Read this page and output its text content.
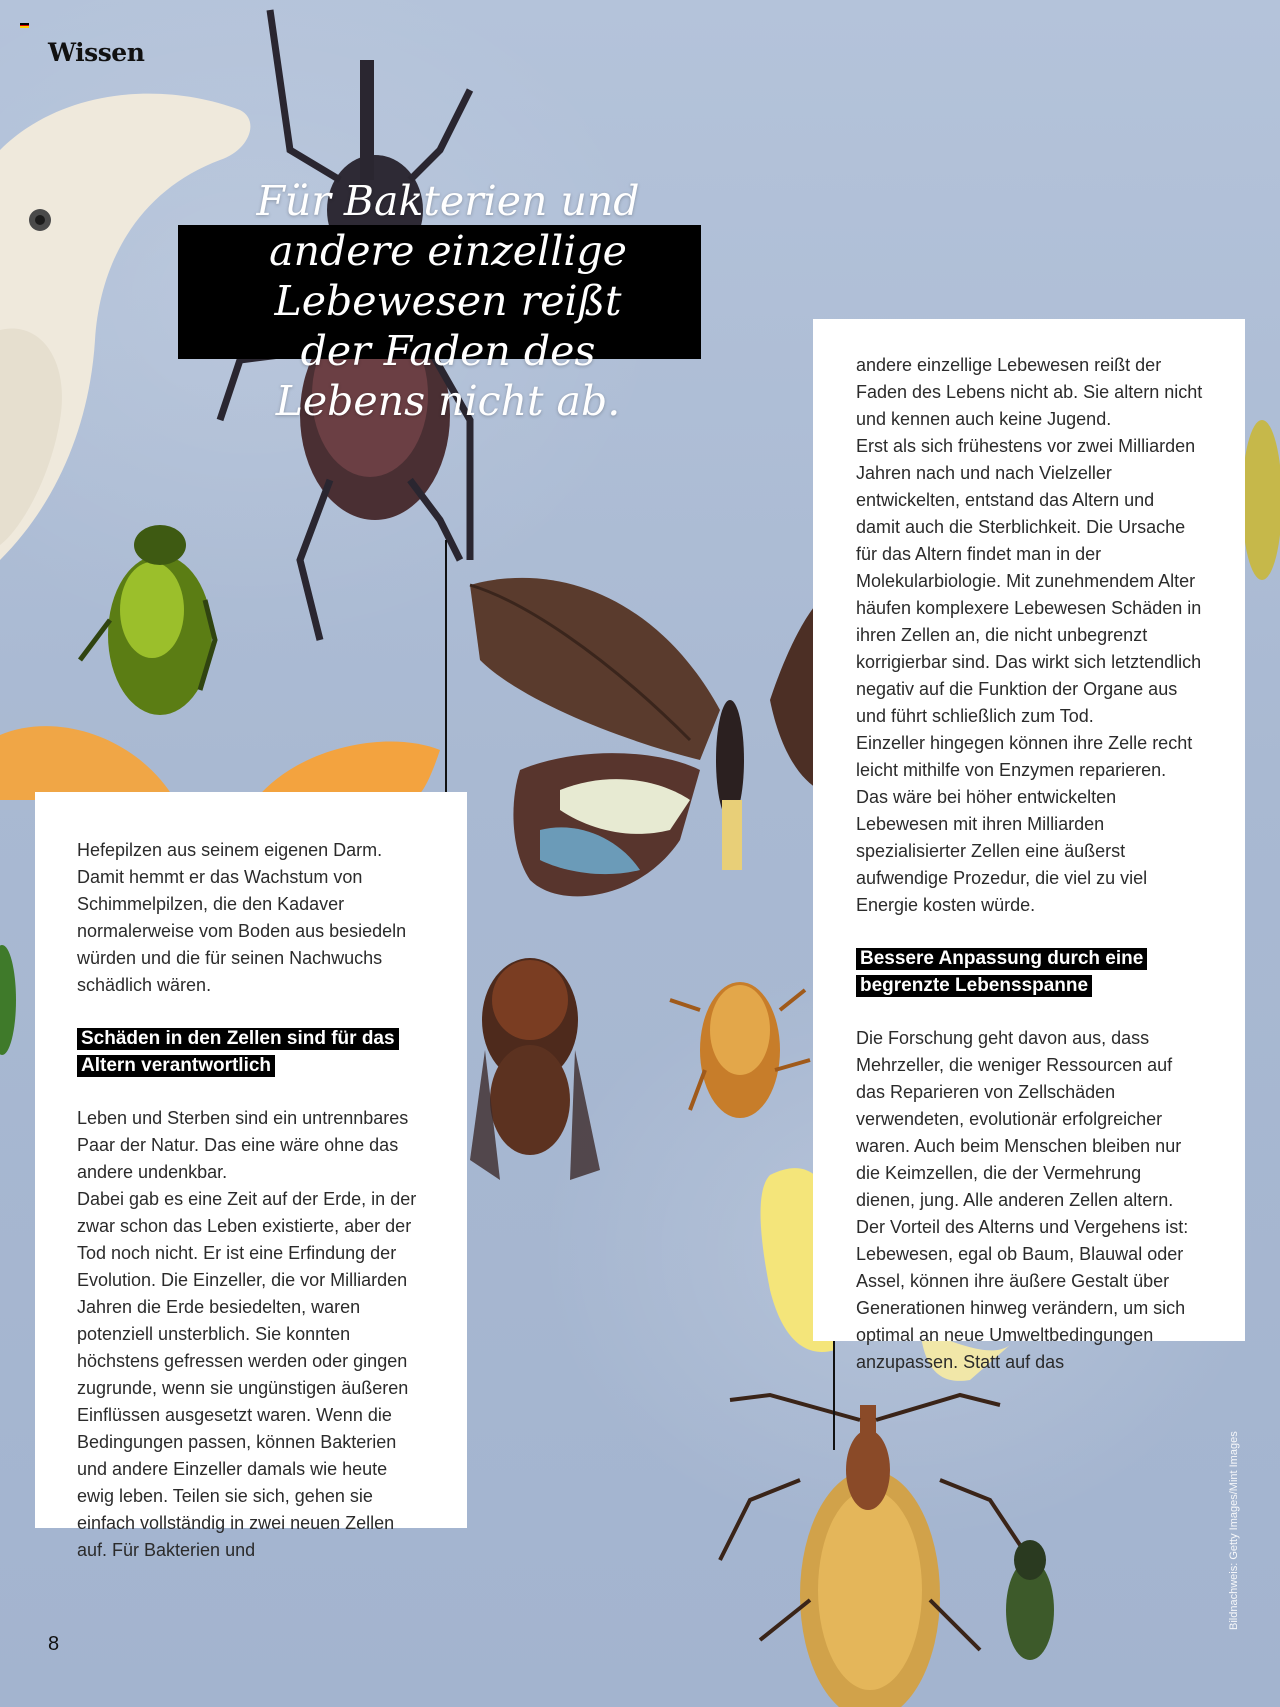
Wissen
Für Bakterien und
andere einzellige
Lebewesen reißt
der Faden des
Lebens nicht ab.

Hefepilzen aus seinem eigenen Darm. Damit hemmt er das Wachstum von Schimmelpilzen, die den Kadaver normalerweise vom Boden aus besiedeln würden und die für seinen Nachwuchs schädlich wären.

Schäden in den Zellen sind für das
Altern verantwortlich

Leben und Sterben sind ein untrennbares Paar der Natur. Das eine wäre ohne das andere undenkbar.

Dabei gab es eine Zeit auf der Erde, in der zwar schon das Leben existierte, aber der Tod noch nicht. Er ist eine Erfindung der Evolution. Die Einzeller, die vor Milliarden Jahren die Erde besiedelten, waren potenziell unsterblich. Sie konnten höchstens gefressen werden oder gingen zugrunde, wenn sie ungünstigen äußeren Einflüssen ausgesetzt waren. Wenn die Bedingungen passen, können Bakterien und andere Einzeller damals wie heute ewig leben. Teilen sie sich, gehen sie einfach vollständig in zwei neuen Zellen auf. Für Bakterien und

andere einzellige Lebewesen reißt der Faden des Lebens nicht ab. Sie altern nicht und kennen auch keine Jugend.

Erst als sich frühestens vor zwei Milliarden Jahren nach und nach Vielzeller entwickelten, entstand das Altern und damit auch die Sterblichkeit. Die Ursache für das Altern findet man in der Molekularbiologie. Mit zunehmendem Alter häufen komplexere Lebewesen Schäden in ihren Zellen an, die nicht unbegrenzt korrigierbar sind. Das wirkt sich letztendlich negativ auf die Funktion der Organe aus und führt schließlich zum Tod.

Einzeller hingegen können ihre Zelle recht leicht mithilfe von Enzymen reparieren. Das wäre bei höher entwickelten Lebewesen mit ihren Milliarden spezialisierter Zellen eine äußerst aufwendige Prozedur, die viel zu viel Energie kosten würde.

Bessere Anpassung durch eine
begrenzte Lebensspanne

Die Forschung geht davon aus, dass Mehrzeller, die weniger Ressourcen auf das Reparieren von Zellschäden verwendeten, evolutionär erfolgreicher waren. Auch beim Menschen bleiben nur die Keimzellen, die der Vermehrung dienen, jung. Alle anderen Zellen altern. Der Vorteil des Alterns und Vergehens ist: Lebewesen, egal ob Baum, Blauwal oder Assel, können ihre äußere Gestalt über Generationen hinweg verändern, um sich optimal an neue Umweltbedingungen anzupassen. Statt auf das

8
Bildnachweis: Getty Images/Mint Images
